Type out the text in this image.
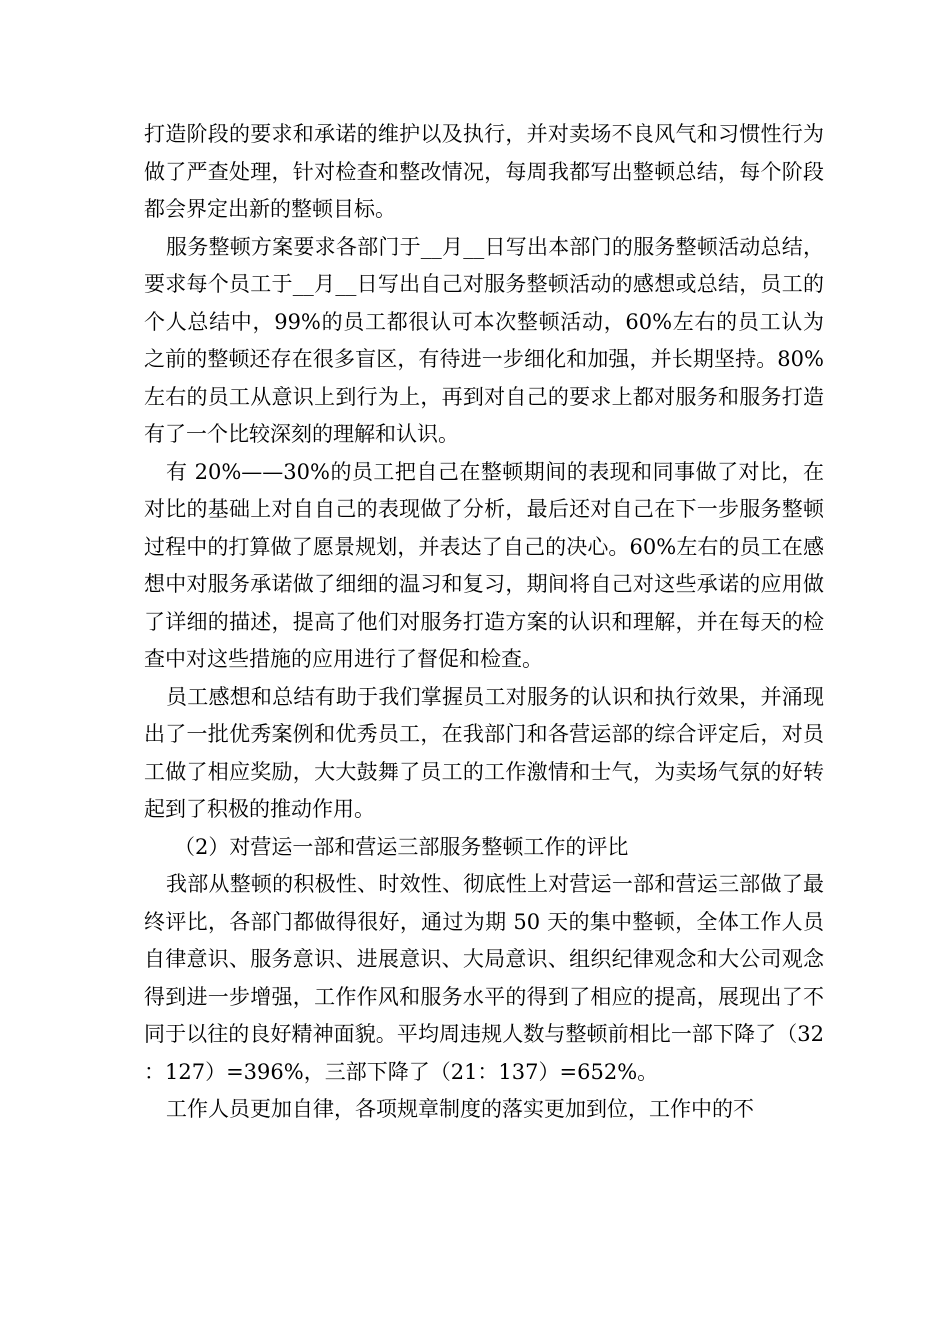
打造阶段的要求和承诺的维护以及执行，并对卖场不良风气和习惯性行为做了严查处理，针对检查和整改情况，每周我都写出整顿总结，每个阶段都会界定出新的整顿目标。

服务整顿方案要求各部门于__月__日写出本部门的服务整顿活动总结，要求每个员工于__月__日写出自己对服务整顿活动的感想或总结，员工的个人总结中，99%的员工都很认可本次整顿活动，60%左右的员工认为之前的整顿还存在很多盲区，有待进一步细化和加强，并长期坚持。80%左右的员工从意识上到行为上，再到对自己的要求上都对服务和服务打造有了一个比较深刻的理解和认识。

有 20%——30%的员工把自己在整顿期间的表现和同事做了对比，在对比的基础上对自自己的表现做了分析，最后还对自己在下一步服务整顿过程中的打算做了愿景规划，并表达了自己的决心。60%左右的员工在感想中对服务承诺做了细细的温习和复习，期间将自己对这些承诺的应用做了详细的描述，提高了他们对服务打造方案的认识和理解，并在每天的检查中对这些措施的应用进行了督促和检查。

员工感想和总结有助于我们掌握员工对服务的认识和执行效果，并涌现出了一批优秀案例和优秀员工，在我部门和各营运部的综合评定后，对员工做了相应奖励，大大鼓舞了员工的工作激情和士气，为卖场气氛的好转起到了积极的推动作用。

（2）对营运一部和营运三部服务整顿工作的评比

我部从整顿的积极性、时效性、彻底性上对营运一部和营运三部做了最终评比，各部门都做得很好，通过为期 50 天的集中整顿，全体工作人员自律意识、服务意识、进展意识、大局意识、组织纪律观念和大公司观念得到进一步增强，工作作风和服务水平的得到了相应的提高，展现出了不同于以往的良好精神面貌。平均周违规人数与整顿前相比一部下降了（32：127）=396%，三部下降了（21：137）=652%。

工作人员更加自律，各项规章制度的落实更加到位，工作中的不
